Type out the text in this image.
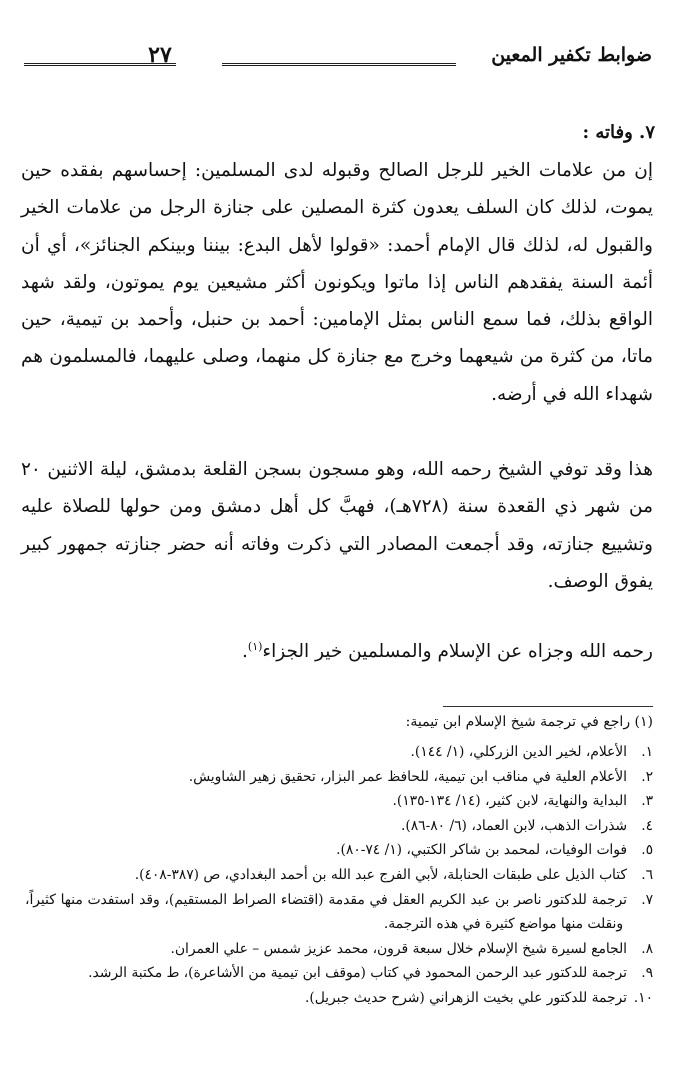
ضوابط تكفير المعين
٢٧
٧. وفاته :

إن من علامات الخير للرجل الصالح وقبوله لدى المسلمين: إحساسهم بفقده حين يموت، لذلك كان السلف يعدون كثرة المصلين على جنازة الرجل من علامات الخير والقبول له، لذلك قال الإمام أحمد: «قولوا لأهل البدع: بيننا وبينكم الجنائز»، أي أن أئمة السنة يفقدهم الناس إذا ماتوا ويكونون أكثر مشيعين يوم يموتون، ولقد شهد الواقع بذلك، فما سمع الناس بمثل الإمامين: أحمد بن حنبل، وأحمد بن تيمية، حين ماتا، من كثرة من شيعهما وخرج مع جنازة كل منهما، وصلى عليهما، فالمسلمون هم شهداء الله في أرضه.

هذا وقد توفي الشيخ رحمه الله، وهو مسجون بسجن القلعة بدمشق، ليلة الاثنين ٢٠ من شهر ذي القعدة سنة (٧٢٨هـ)، فهبَّ كل أهل دمشق ومن حولها للصلاة عليه وتشييع جنازته، وقد أجمعت المصادر التي ذكرت وفاته أنه حضر جنازته جمهور كبير يفوق الوصف.

رحمه الله وجزاه عن الإسلام والمسلمين خير الجزاء$^{(١)}$.
(١) راجع في ترجمة شيخ الإسلام ابن تيمية:
١.الأعلام، لخير الدين الزركلي، (١/ ١٤٤).
٢.الأعلام العلية في مناقب ابن تيمية، للحافظ عمر البزار، تحقيق زهير الشاويش.
٣.البداية والنهاية، لابن كثير، (١٤/ ١٣٤-١٣٥).
٤.شذرات الذهب، لابن العماد، (٦/ ٨٠-٨٦).
٥.فوات الوفيات، لمحمد بن شاكر الكتبي، (١/ ٧٤-٨٠).
٦.كتاب الذيل على طبقات الحنابلة، لأبي الفرج عبد الله بن أحمد البغدادي، ص (٣٨٧-٤٠٨).
٧.ترجمة للدكتور ناصر بن عبد الكريم العقل في مقدمة (اقتضاء الصراط المستقيم)، وقد استفدت منها كثيراً، ونقلت منها مواضع كثيرة في هذه الترجمة.
٨.الجامع لسيرة شيخ الإسلام خلال سبعة قرون، محمد عزيز شمس – علي العمران.
٩.ترجمة للدكتور عبد الرحمن المحمود في كتاب (موقف ابن تيمية من الأشاعرة)، ط مكتبة الرشد.
١٠.ترجمة للدكتور علي بخيت الزهراني (شرح حديث جبريل).
